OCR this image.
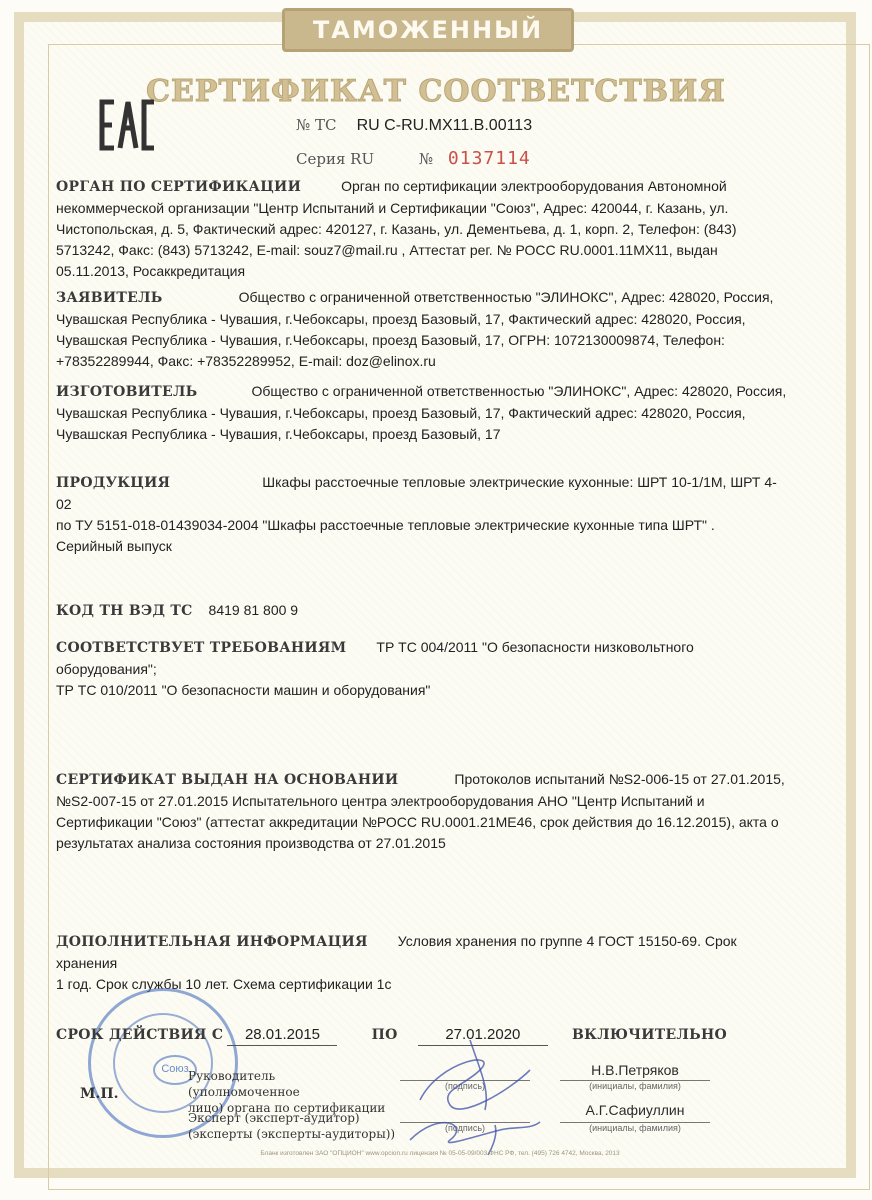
ТАМОЖЕННЫЙ СОЮЗ
СЕРТИФИКАТ СООТВЕТСТВИЯ
№ ТС RU C-RU.MX11.B.00113
Серия RU	№ 0137114
ОРГАН ПО СЕРТИФИКАЦИИ	Орган по сертификации электрооборудования Автономной
некоммерческой организации "Центр Испытаний и Сертификации "Союз", Адрес: 420044, г. Казань, ул. Чистопольская, д. 5, Фактический адрес: 420127, г. Казань, ул. Дементьева, д. 1, корп. 2, Телефон: (843) 5713242, Факс: (843) 5713242, E-mail: souz7@mail.ru , Аттестат рег. № РОСС RU.0001.11MX11, выдан 05.11.2013, Росаккредитация
ЗАЯВИТЕЛЬ	Общество с ограниченной ответственностью "ЭЛИНОКС", Адрес: 428020, Россия,
Чувашская Республика - Чувашия, г.Чебоксары, проезд Базовый, 17, Фактический адрес: 428020, Россия, Чувашская Республика - Чувашия, г.Чебоксары, проезд Базовый, 17, ОГРН: 1072130009874, Телефон: +78352289944, Факс: +78352289952, E-mail: doz@elinox.ru
ИЗГОТОВИТЕЛЬ	Общество с ограниченной ответственностью "ЭЛИНОКС", Адрес: 428020, Россия,
Чувашская Республика - Чувашия, г.Чебоксары, проезд Базовый, 17, Фактический адрес: 428020, Россия, Чувашская Республика - Чувашия, г.Чебоксары, проезд Базовый, 17
ПРОДУКЦИЯ	Шкафы расстоечные тепловые электрические кухонные: ШРТ 10-1/1М, ШРТ 4-02
по ТУ 5151-018-01439034-2004 "Шкафы расстоечные тепловые электрические кухонные типа ШРТ" .
Серийный выпуск
КОД ТН ВЭД ТС 8419 81 800 9
СООТВЕТСТВУЕТ ТРЕБОВАНИЯМ ТР ТС 004/2011 "О безопасности низковольтного оборудования";
ТР ТС 010/2011 "О безопасности машин и оборудования"
СЕРТИФИКАТ ВЫДАН НА ОСНОВАНИИ	Протоколов испытаний №S2-006-15 от 27.01.2015,
№S2-007-15 от 27.01.2015 Испытательного центра электрооборудования АНО "Центр Испытаний и Сертификации "Союз" (аттестат аккредитации №РОСС RU.0001.21МЕ46, срок действия до 16.12.2015), акта о результатах анализа состояния производства от 27.01.2015
ДОПОЛНИТЕЛЬНАЯ ИНФОРМАЦИЯ Условия хранения по группе 4 ГОСТ 15150-69. Срок хранения
1 год. Срок службы 10 лет. Схема сертификации 1с
Союз
СРОК ДЕЙСТВИЯ С 28.01.2015	ПО	27.01.2020	ВКЛЮЧИТЕЛЬНО
М.П.
Руководитель (уполномоченное
лицо) органа по сертификации
(подпись)
Н.В.Петряков
(инициалы, фамилия)
Эксперт (эксперт-аудитор)
(эксперты (эксперты-аудиторы))	(подпись)
А.Г.Сафиуллин
(инициалы, фамилия)
Бланк изготовлен ЗАО "ОПЦИОН" www.opcion.ru лицензия № 05-05-09/003 ФНС РФ, тел. (495) 726 4742, Москва, 2013
